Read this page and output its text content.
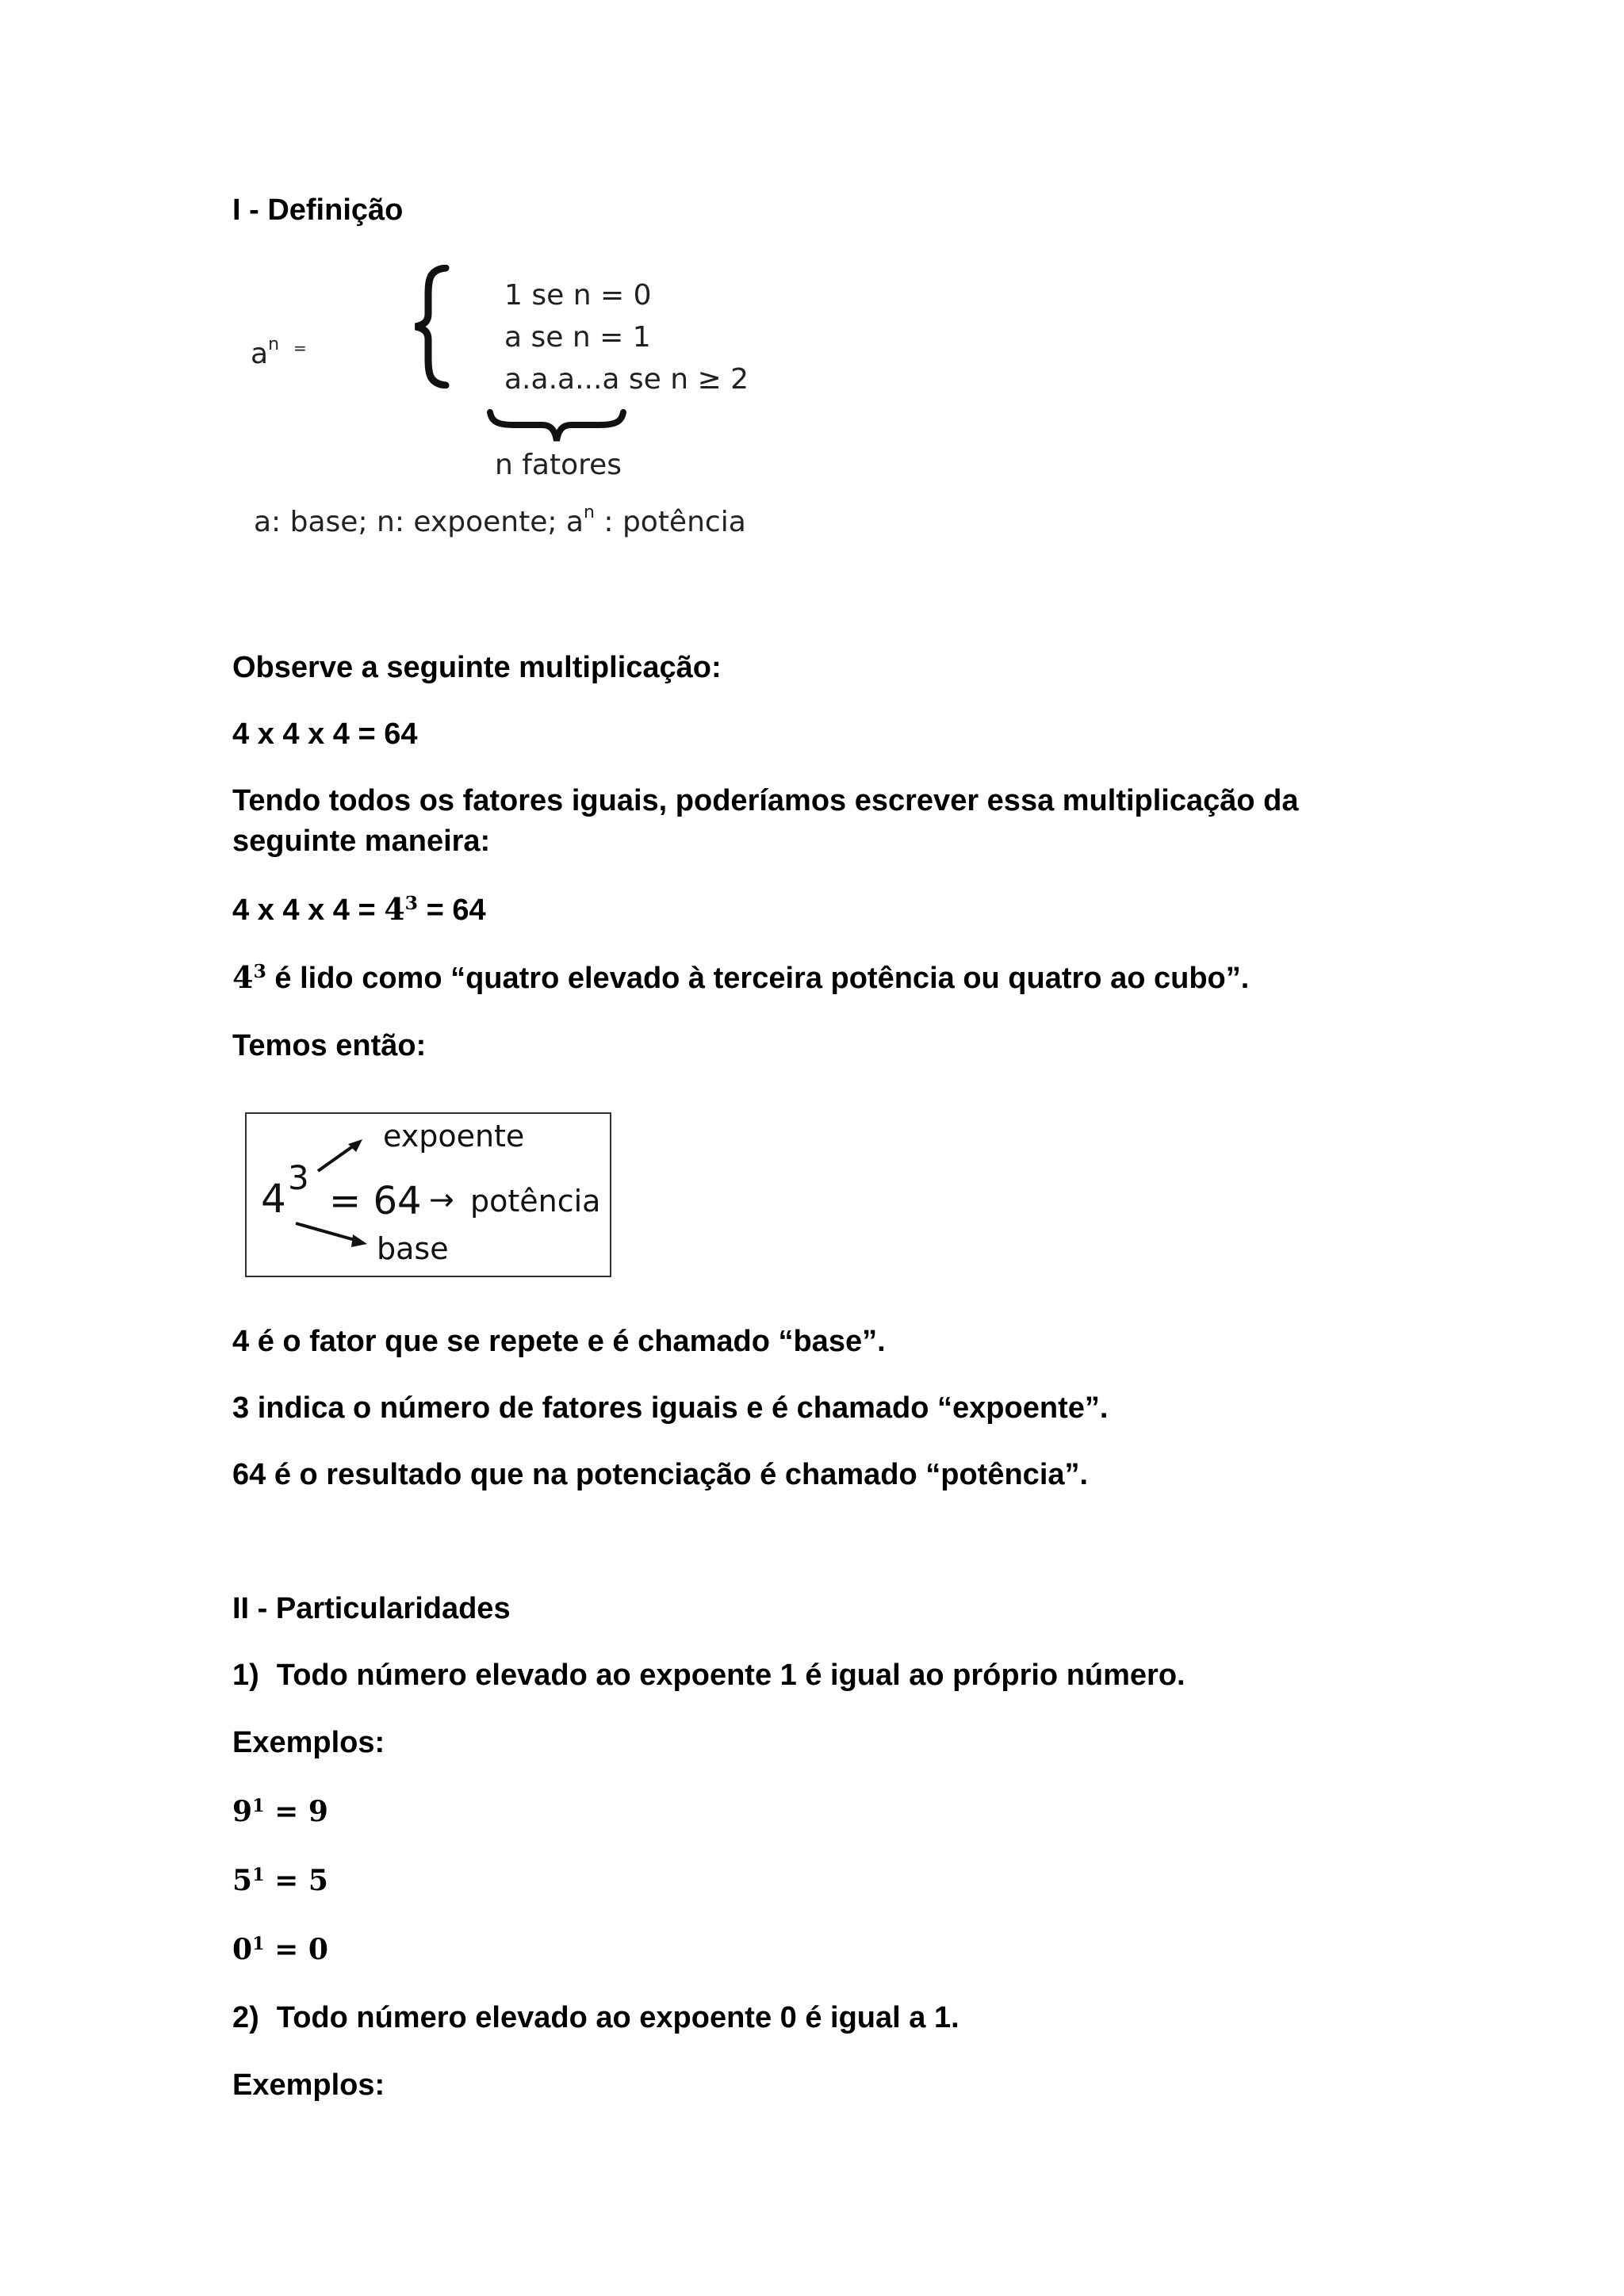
I - Definição
$a^n$ =
1 se n = 0
a se n = 1
a.a.a...a se n ≥ 2
n fatores
a: base; n: expoente; $a^n$ : potência
Observe a seguinte multiplicação:
4 x 4 x 4 = 64
Tendo todos os fatores iguais, poderíamos escrever essa multiplicação da seguinte maneira:
4 x 4 x $4 = 4^3 = 64$
$4^3$ é lido como “quatro elevado à terceira potência ou quatro ao cubo”.
Temos então:
4 3
= 64 → potência
expoente
base
4 é o fator que se repete e é chamado “base”.
3 indica o número de fatores iguais e é chamado “expoente”.
64 é o resultado que na potenciação é chamado “potência”.
II - Particularidades
1) Todo número elevado ao expoente 1 é igual ao próprio número.
Exemplos:
$9^1 = 9$
$5^1 = 5$
$0^1 = 0$
2) Todo número elevado ao expoente 0 é igual a 1.
Exemplos:
